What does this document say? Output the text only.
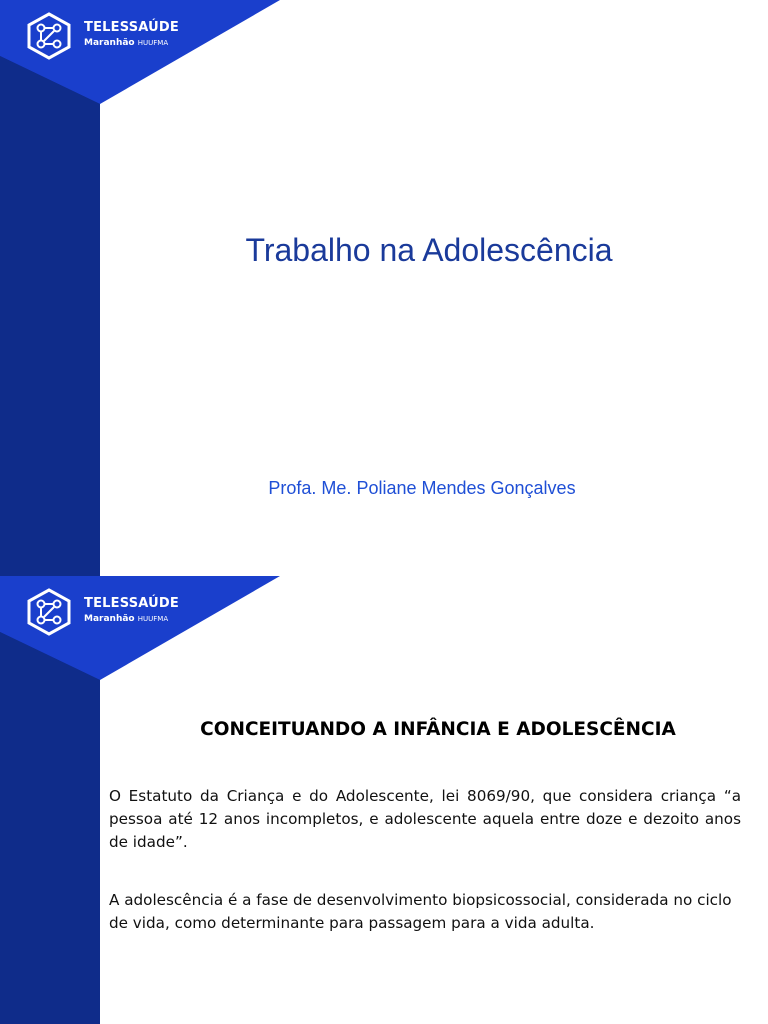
TELESSAÚDE
Maranhão HUUFMA
Trabalho na Adolescência
Profa. Me. Poliane Mendes Gonçalves
TELESSAÚDE
Maranhão HUUFMA
CONCEITUANDO A INFÂNCIA E ADOLESCÊNCIA
O Estatuto da Criança e do Adolescente, lei 8069/90, que considera criança “a pessoa até 12 anos incompletos, e adolescente aquela entre doze e dezoito anos de idade”.
A adolescência é a fase de desenvolvimento biopsicossocial, considerada no ciclo de vida, como determinante para passagem para a vida adulta.
